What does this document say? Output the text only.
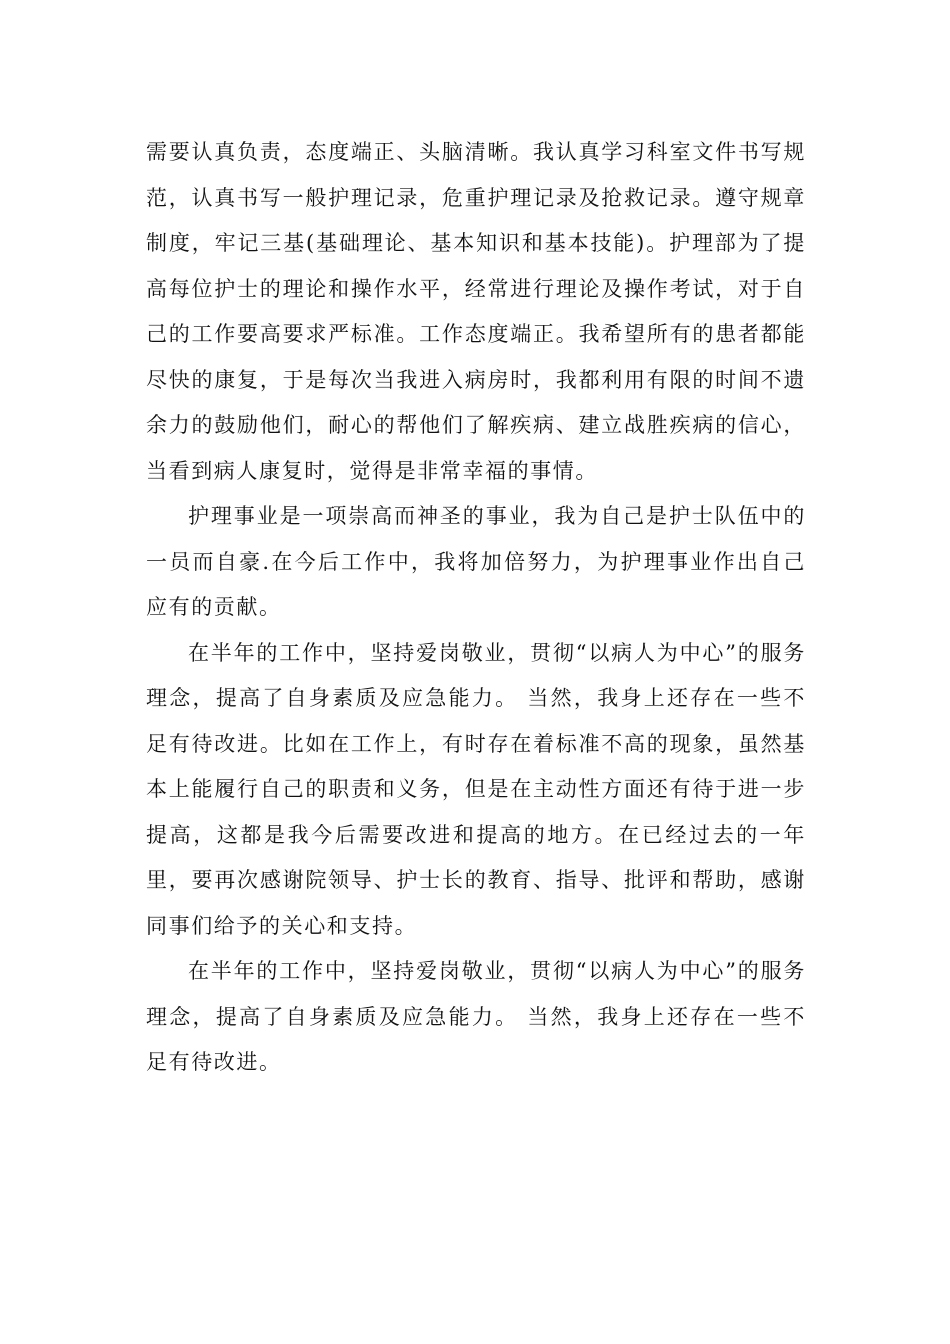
需要认真负责，态度端正、头脑清晰。我认真学习科室文件书写规范，认真书写一般护理记录，危重护理记录及抢救记录。遵守规章制度，牢记三基(基础理论、基本知识和基本技能)。护理部为了提高每位护士的理论和操作水平，经常进行理论及操作考试，对于自己的工作要高要求严标准。工作态度端正。我希望所有的患者都能尽快的康复，于是每次当我进入病房时，我都利用有限的时间不遗余力的鼓励他们，耐心的帮他们了解疾病、建立战胜疾病的信心，当看到病人康复时，觉得是非常幸福的事情。

护理事业是一项崇高而神圣的事业，我为自己是护士队伍中的一员而自豪.在今后工作中，我将加倍努力，为护理事业作出自己应有的贡献。

在半年的工作中，坚持爱岗敬业，贯彻“以病人为中心”的服务理念，提高了自身素质及应急能力。 当然，我身上还存在一些不足有待改进。比如在工作上，有时存在着标准不高的现象，虽然基本上能履行自己的职责和义务，但是在主动性方面还有待于进一步提高，这都是我今后需要改进和提高的地方。在已经过去的一年里，要再次感谢院领导、护士长的教育、指导、批评和帮助，感谢同事们给予的关心和支持。

在半年的工作中，坚持爱岗敬业，贯彻“以病人为中心”的服务理念，提高了自身素质及应急能力。 当然，我身上还存在一些不足有待改进。
